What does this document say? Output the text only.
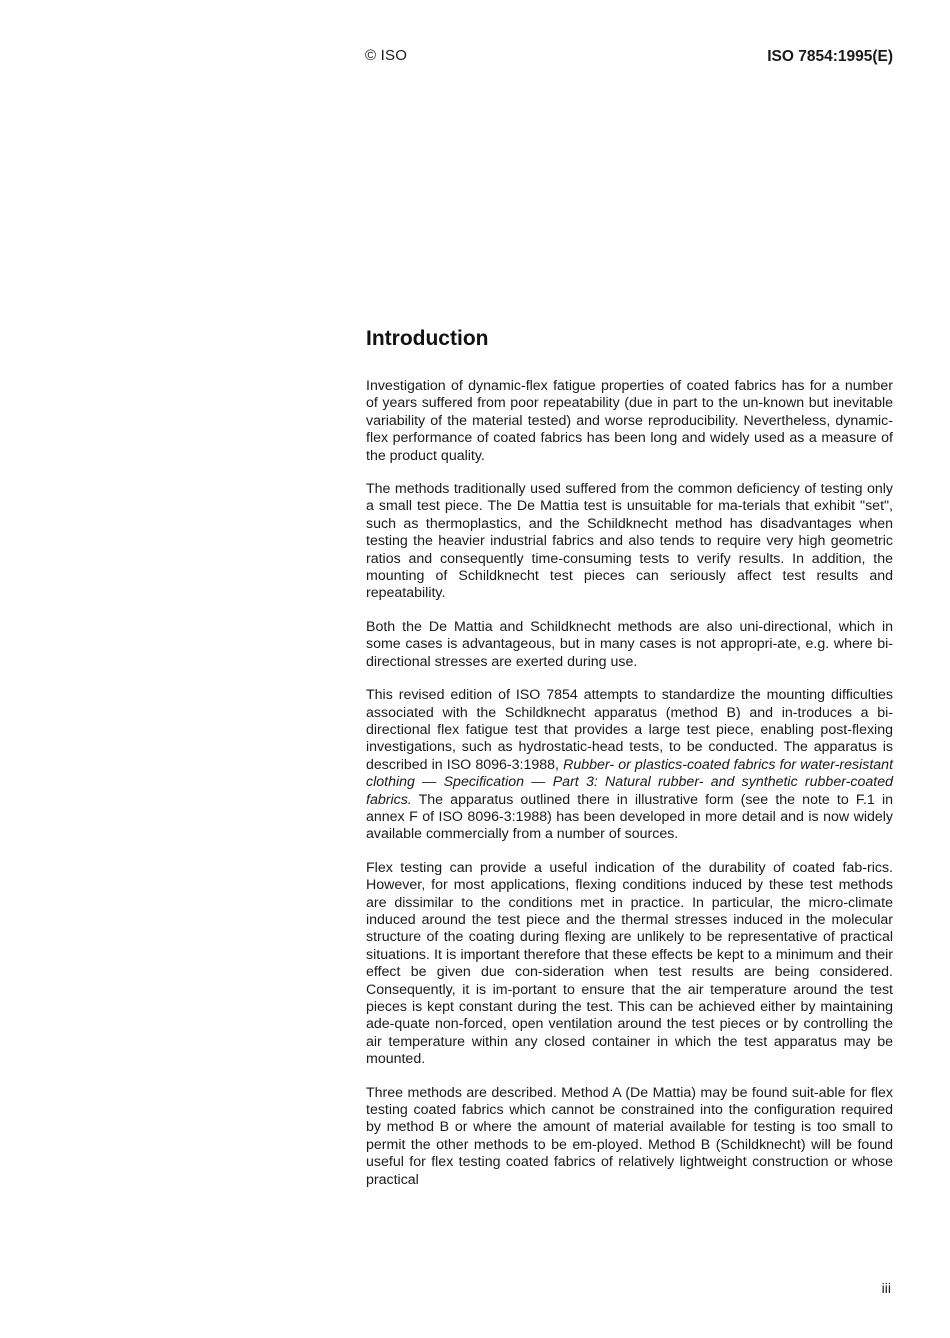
© ISO	ISO 7854:1995(E)
Introduction

Investigation of dynamic-flex fatigue properties of coated fabrics has for a number of years suffered from poor repeatability (due in part to the un-known but inevitable variability of the material tested) and worse reproducibility. Nevertheless, dynamic-flex performance of coated fabrics has been long and widely used as a measure of the product quality.

The methods traditionally used suffered from the common deficiency of testing only a small test piece. The De Mattia test is unsuitable for ma-terials that exhibit "set", such as thermoplastics, and the Schildknecht method has disadvantages when testing the heavier industrial fabrics and also tends to require very high geometric ratios and consequently time-consuming tests to verify results. In addition, the mounting of Schildknecht test pieces can seriously affect test results and repeatability.

Both the De Mattia and Schildknecht methods are also uni-directional, which in some cases is advantageous, but in many cases is not appropri-ate, e.g. where bi-directional stresses are exerted during use.

This revised edition of ISO 7854 attempts to standardize the mounting difficulties associated with the Schildknecht apparatus (method B) and in-troduces a bi-directional flex fatigue test that provides a large test piece, enabling post-flexing investigations, such as hydrostatic-head tests, to be conducted. The apparatus is described in ISO 8096-3:1988, Rubber- or plastics-coated fabrics for water-resistant clothing — Specification — Part 3: Natural rubber- and synthetic rubber-coated fabrics. The apparatus outlined there in illustrative form (see the note to F.1 in annex F of ISO 8096-3:1988) has been developed in more detail and is now widely available commercially from a number of sources.

Flex testing can provide a useful indication of the durability of coated fab-rics. However, for most applications, flexing conditions induced by these test methods are dissimilar to the conditions met in practice. In particular, the micro-climate induced around the test piece and the thermal stresses induced in the molecular structure of the coating during flexing are unlikely to be representative of practical situations. It is important therefore that these effects be kept to a minimum and their effect be given due con-sideration when test results are being considered. Consequently, it is im-portant to ensure that the air temperature around the test pieces is kept constant during the test. This can be achieved either by maintaining ade-quate non-forced, open ventilation around the test pieces or by controlling the air temperature within any closed container in which the test apparatus may be mounted.

Three methods are described. Method A (De Mattia) may be found suit-able for flex testing coated fabrics which cannot be constrained into the configuration required by method B or where the amount of material available for testing is too small to permit the other methods to be em-ployed. Method B (Schildknecht) will be found useful for flex testing coated fabrics of relatively lightweight construction or whose practical

iii
